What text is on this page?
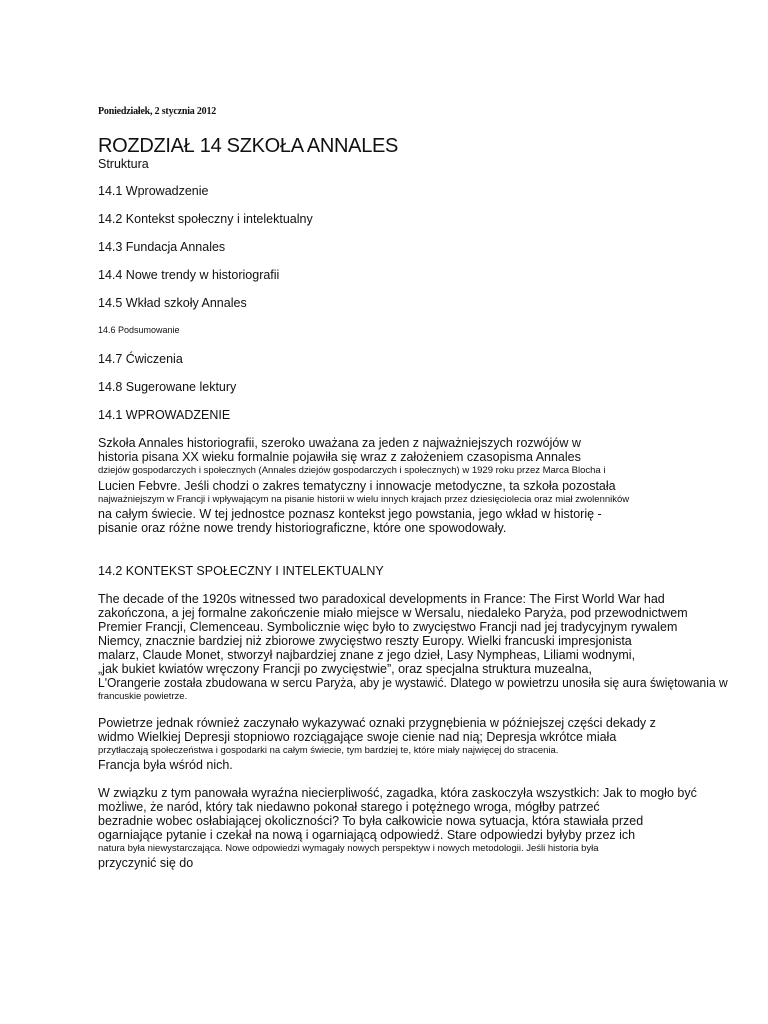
Poniedziałek, 2 stycznia 2012
ROZDZIAŁ 14 SZKOŁA ANNALES
Struktura
14.1 Wprowadzenie
14.2 Kontekst społeczny i intelektualny
14.3 Fundacja Annales
14.4 Nowe trendy w historiografii
14.5 Wkład szkoły Annales
14.6 Podsumowanie
14.7 Ćwiczenia
14.8 Sugerowane lektury
14.1 WPROWADZENIE
Szkoła Annales historiografii, szeroko uważana za jeden z najważniejszych rozwójów w
historia pisana XX wieku formalnie pojawiła się wraz z założeniem czasopisma Annales
dziejów gospodarczych i społecznych (Annales dziejów gospodarczych i społecznych) w 1929 roku przez Marca Blocha i
Lucien Febvre. Jeśli chodzi o zakres tematyczny i innowacje metodyczne, ta szkoła pozostała
najważniejszym w Francji i wpływającym na pisanie historii w wielu innych krajach przez dziesięciolecia oraz miał zwolenników
na całym świecie. W tej jednostce poznasz kontekst jego powstania, jego wkład w historię -
pisanie oraz różne nowe trendy historiograficzne, które one spowodowały.
14.2 KONTEKST SPOŁECZNY I INTELEKTUALNY
The decade of the 1920s witnessed two paradoxical developments in France: The First World War had
zakończona, a jej formalne zakończenie miało miejsce w Wersalu, niedaleko Paryża, pod przewodnictwem
Premier Francji, Clemenceau. Symbolicznie więc było to zwycięstwo Francji nad jej tradycyjnym rywalem
Niemcy, znacznie bardziej niż zbiorowe zwycięstwo reszty Europy. Wielki francuski impresjonista
malarz, Claude Monet, stworzył najbardziej znane z jego dzieł, Lasy Nympheas, Liliami wodnymi,
„jak bukiet kwiatów wręczony Francji po zwycięstwie”, oraz specjalna struktura muzealna,
L'Orangerie została zbudowana w sercu Paryża, aby je wystawić. Dlatego w powietrzu unosiła się aura świętowania w
francuskie powietrze.
Powietrze jednak również zaczynało wykazywać oznaki przygnębienia w późniejszej części dekady z
widmo Wielkiej Depresji stopniowo rozciągające swoje cienie nad nią; Depresja wkrótce miała
przytłaczają społeczeństwa i gospodarki na całym świecie, tym bardziej te, które miały najwięcej do stracenia.
Francja była wśród nich.
W związku z tym panowała wyraźna niecierpliwość, zagadka, która zaskoczyła wszystkich: Jak to mogło być
możliwe, że naród, który tak niedawno pokonał starego i potężnego wroga, mógłby patrzeć
bezradnie wobec osłabiającej okoliczności? To była całkowicie nowa sytuacja, która stawiała przed
ogarniające pytanie i czekał na nową i ogarniającą odpowiedź. Stare odpowiedzi byłyby przez ich
natura była niewystarczająca. Nowe odpowiedzi wymagały nowych perspektyw i nowych metodologii. Jeśli historia była
przyczynić się do
